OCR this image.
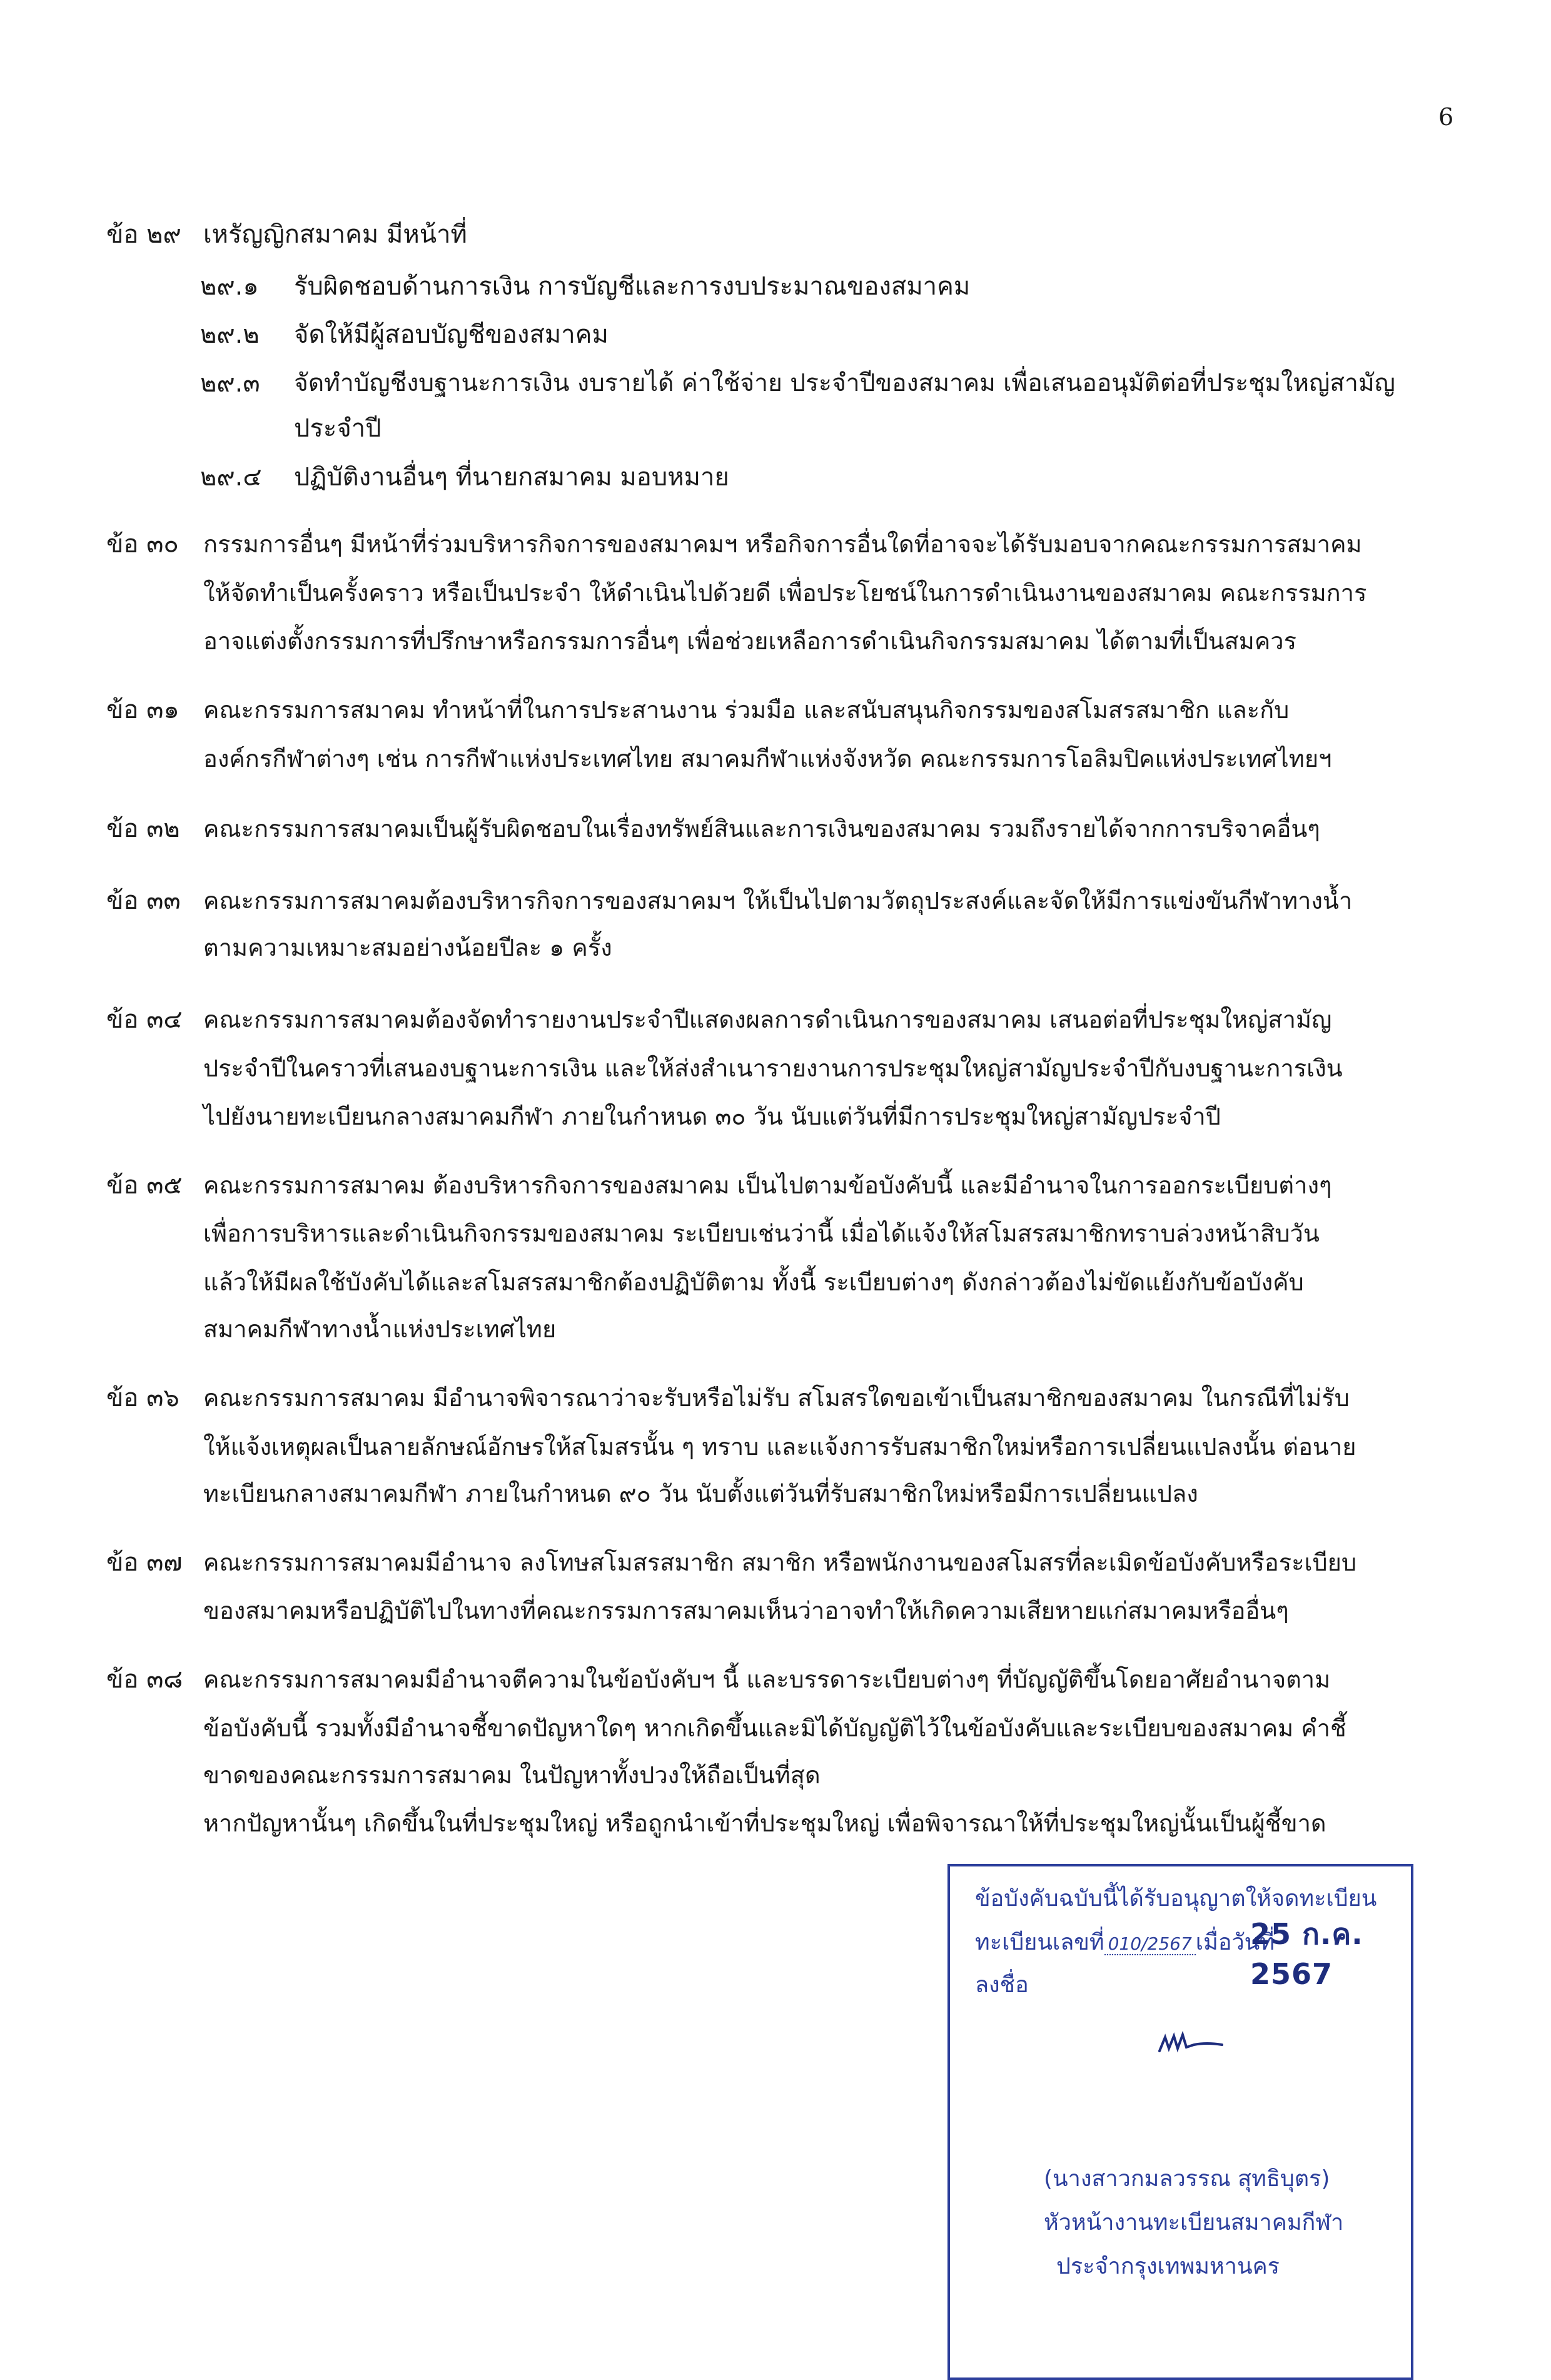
6
ข้อ ๒๙ เหรัญญิกสมาคม มีหน้าที่
๒๙.๑ รับผิดชอบด้านการเงิน การบัญชีและการงบประมาณของสมาคม
๒๙.๒ จัดให้มีผู้สอบบัญชีของสมาคม
๒๙.๓ จัดทำบัญชีงบฐานะการเงิน งบรายได้ ค่าใช้จ่าย ประจำปีของสมาคม เพื่อเสนออนุมัติต่อที่ประชุมใหญ่สามัญ
ประจำปี
๒๙.๔ ปฏิบัติงานอื่นๆ ที่นายกสมาคม มอบหมาย
ข้อ ๓๐ กรรมการอื่นๆ มีหน้าที่ร่วมบริหารกิจการของสมาคมฯ หรือกิจการอื่นใดที่อาจจะได้รับมอบจากคณะกรรมการสมาคม
ให้จัดทำเป็นครั้งคราว หรือเป็นประจำ ให้ดำเนินไปด้วยดี เพื่อประโยชน์ในการดำเนินงานของสมาคม คณะกรรมการ
อาจแต่งตั้งกรรมการที่ปรึกษาหรือกรรมการอื่นๆ เพื่อช่วยเหลือการดำเนินกิจกรรมสมาคม ได้ตามที่เป็นสมควร
ข้อ ๓๑ คณะกรรมการสมาคม ทำหน้าที่ในการประสานงาน ร่วมมือ และสนับสนุนกิจกรรมของสโมสรสมาชิก และกับ
องค์กรกีฬาต่างๆ เช่น การกีฬาแห่งประเทศไทย สมาคมกีฬาแห่งจังหวัด คณะกรรมการโอลิมปิคแห่งประเทศไทยฯ
ข้อ ๓๒ คณะกรรมการสมาคมเป็นผู้รับผิดชอบในเรื่องทรัพย์สินและการเงินของสมาคม รวมถึงรายได้จากการบริจาคอื่นๆ
ข้อ ๓๓ คณะกรรมการสมาคมต้องบริหารกิจการของสมาคมฯ ให้เป็นไปตามวัตถุประสงค์และจัดให้มีการแข่งขันกีฬาทางน้ำ
ตามความเหมาะสมอย่างน้อยปีละ ๑ ครั้ง
ข้อ ๓๔ คณะกรรมการสมาคมต้องจัดทำรายงานประจำปีแสดงผลการดำเนินการของสมาคม เสนอต่อที่ประชุมใหญ่สามัญ
ประจำปีในคราวที่เสนองบฐานะการเงิน และให้ส่งสำเนารายงานการประชุมใหญ่สามัญประจำปีกับงบฐานะการเงิน
ไปยังนายทะเบียนกลางสมาคมกีฬา ภายในกำหนด ๓๐ วัน นับแต่วันที่มีการประชุมใหญ่สามัญประจำปี
ข้อ ๓๕ คณะกรรมการสมาคม ต้องบริหารกิจการของสมาคม เป็นไปตามข้อบังคับนี้ และมีอำนาจในการออกระเบียบต่างๆ
เพื่อการบริหารและดำเนินกิจกรรมของสมาคม ระเบียบเช่นว่านี้ เมื่อได้แจ้งให้สโมสรสมาชิกทราบล่วงหน้าสิบวัน
แล้วให้มีผลใช้บังคับได้และสโมสรสมาชิกต้องปฏิบัติตาม ทั้งนี้ ระเบียบต่างๆ ดังกล่าวต้องไม่ขัดแย้งกับข้อบังคับ
สมาคมกีฬาทางน้ำแห่งประเทศไทย
ข้อ ๓๖ คณะกรรมการสมาคม มีอำนาจพิจารณาว่าจะรับหรือไม่รับ สโมสรใดขอเข้าเป็นสมาชิกของสมาคม ในกรณีที่ไม่รับ
ให้แจ้งเหตุผลเป็นลายลักษณ์อักษรให้สโมสรนั้น ๆ ทราบ และแจ้งการรับสมาชิกใหม่หรือการเปลี่ยนแปลงนั้น ต่อนาย
ทะเบียนกลางสมาคมกีฬา ภายในกำหนด ๙๐ วัน นับตั้งแต่วันที่รับสมาชิกใหม่หรือมีการเปลี่ยนแปลง
ข้อ ๓๗ คณะกรรมการสมาคมมีอำนาจ ลงโทษสโมสรสมาชิก สมาชิก หรือพนักงานของสโมสรที่ละเมิดข้อบังคับหรือระเบียบ
ของสมาคมหรือปฏิบัติไปในทางที่คณะกรรมการสมาคมเห็นว่าอาจทำให้เกิดความเสียหายแก่สมาคมหรืออื่นๆ
ข้อ ๓๘ คณะกรรมการสมาคมมีอำนาจตีความในข้อบังคับฯ นี้ และบรรดาระเบียบต่างๆ ที่บัญญัติขึ้นโดยอาศัยอำนาจตาม
ข้อบังคับนี้ รวมทั้งมีอำนาจชี้ขาดปัญหาใดๆ หากเกิดขึ้นและมิได้บัญญัติไว้ในข้อบังคับและระเบียบของสมาคม คำชี้
ขาดของคณะกรรมการสมาคม ในปัญหาทั้งปวงให้ถือเป็นที่สุด
หากปัญหานั้นๆ เกิดขึ้นในที่ประชุมใหญ่ หรือถูกนำเข้าที่ประชุมใหญ่ เพื่อพิจารณาให้ที่ประชุมใหญ่นั้นเป็นผู้ชี้ขาด
ข้อบังคับฉบับนี้ได้รับอนุญาตให้จดทะเบียน
ทะเบียนเลขที่ 010/2567 เมื่อวันที่
25 ก.ค. 2567
ลงชื่อ
(นางสาวกมลวรรณ สุทธิบุตร)
หัวหน้างานทะเบียนสมาคมกีฬา
ประจำกรุงเทพมหานคร
